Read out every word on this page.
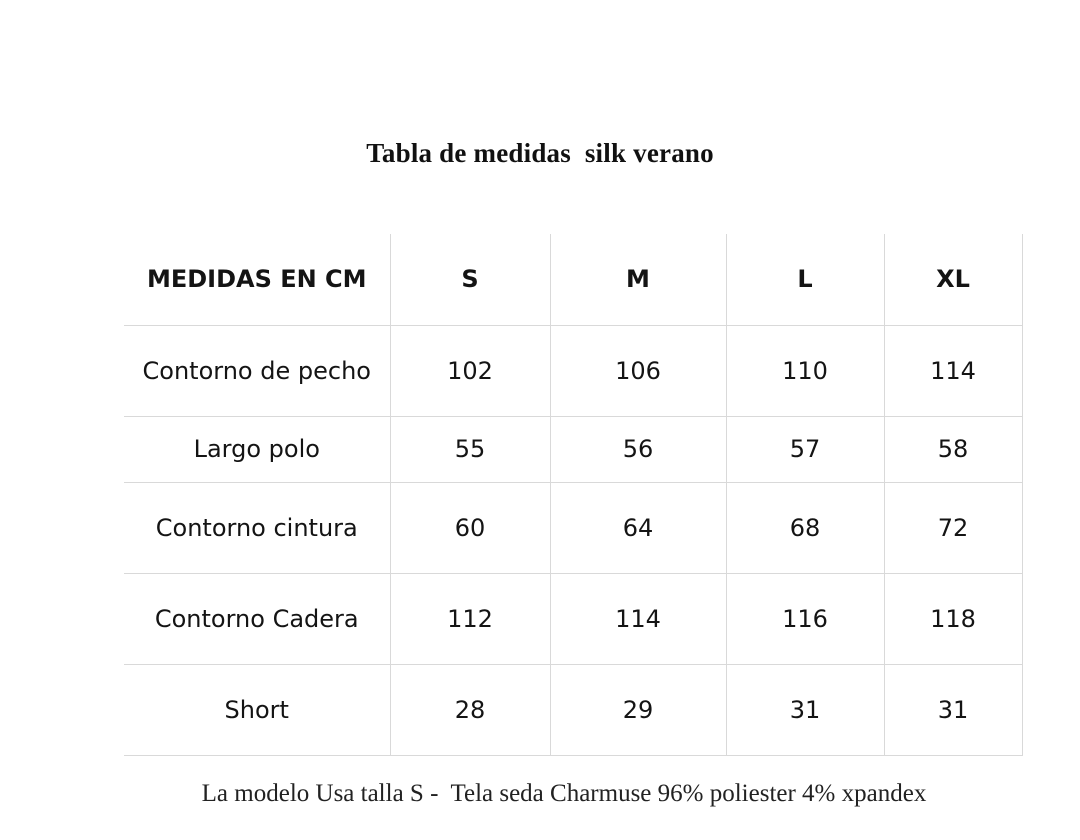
Tabla de medidas  silk verano
MEDIDAS EN CM	S	M	L	XL
Contorno de pecho	102	106	110	114
Largo polo	55	56	57	58
Contorno cintura	60	64	68	72
Contorno Cadera	112	114	116	118
Short	28	29	31	31
La modelo Usa talla S -  Tela seda Charmuse 96% poliester 4% xpandex
